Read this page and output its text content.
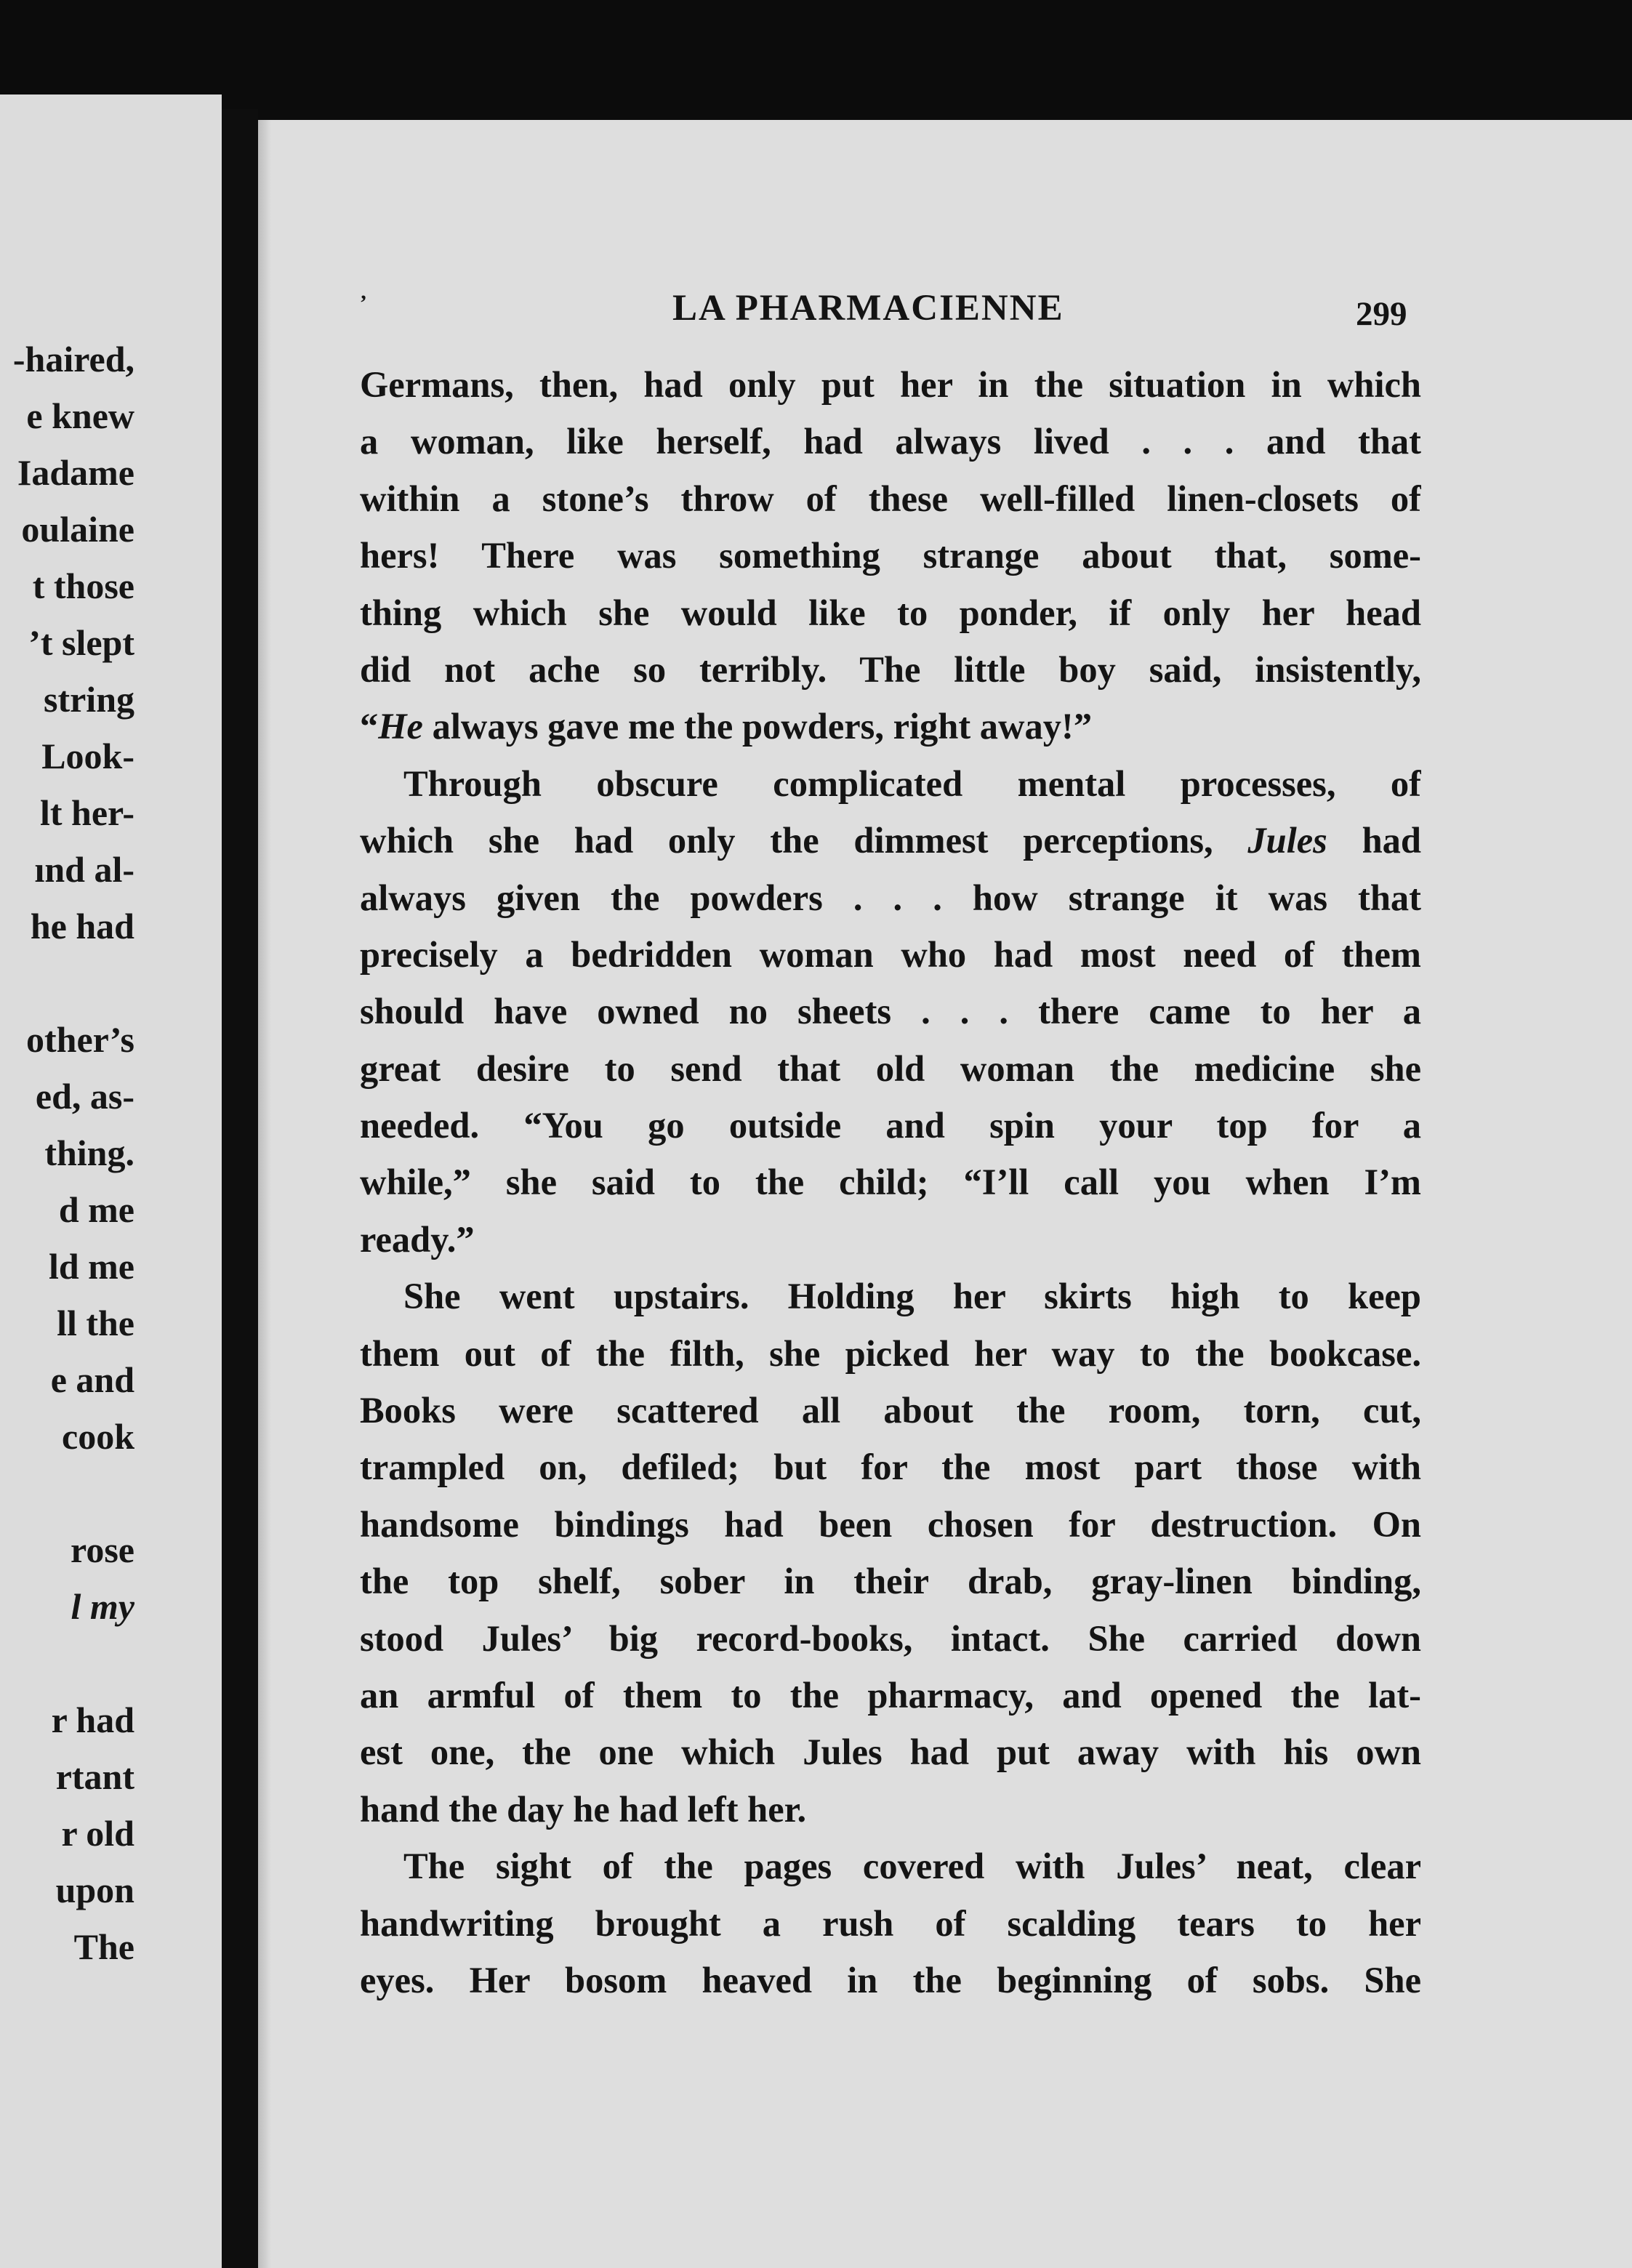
-haired,
e knew
Iadame
oulaine
t those
’t slept
string
Look-
lt her-
ınd al-
he had
other’s
ed, as-
thing.
d me
ld me
ll the
e and
cook
rose
l my
r had
rtant
r old
upon
The
‚	LA PHARMACIENNE	299
Germans, then, had only put her in the situation in which
a woman, like herself, had always lived . . . and that
within a stone’s throw of these well-filled linen-closets of
hers! There was something strange about that, some-
thing which she would like to ponder, if only her head
did not ache so terribly. The little boy said, insistently,
“He always gave me the powders, right away!”
Through obscure complicated mental processes, of
which she had only the dimmest perceptions, Jules had
always given the powders . . . how strange it was that
precisely a bedridden woman who had most need of them
should have owned no sheets . . . there came to her a
great desire to send that old woman the medicine she
needed. “You go outside and spin your top for a
while,” she said to the child; “I’ll call you when I’m
ready.”
She went upstairs. Holding her skirts high to keep
them out of the filth, she picked her way to the bookcase.
Books were scattered all about the room, torn, cut,
trampled on, defiled; but for the most part those with
handsome bindings had been chosen for destruction. On
the top shelf, sober in their drab, gray-linen binding,
stood Jules’ big record-books, intact. She carried down
an armful of them to the pharmacy, and opened the lat-
est one, the one which Jules had put away with his own
hand the day he had left her.
The sight of the pages covered with Jules’ neat, clear
handwriting brought a rush of scalding tears to her
eyes. Her bosom heaved in the beginning of sobs. She
